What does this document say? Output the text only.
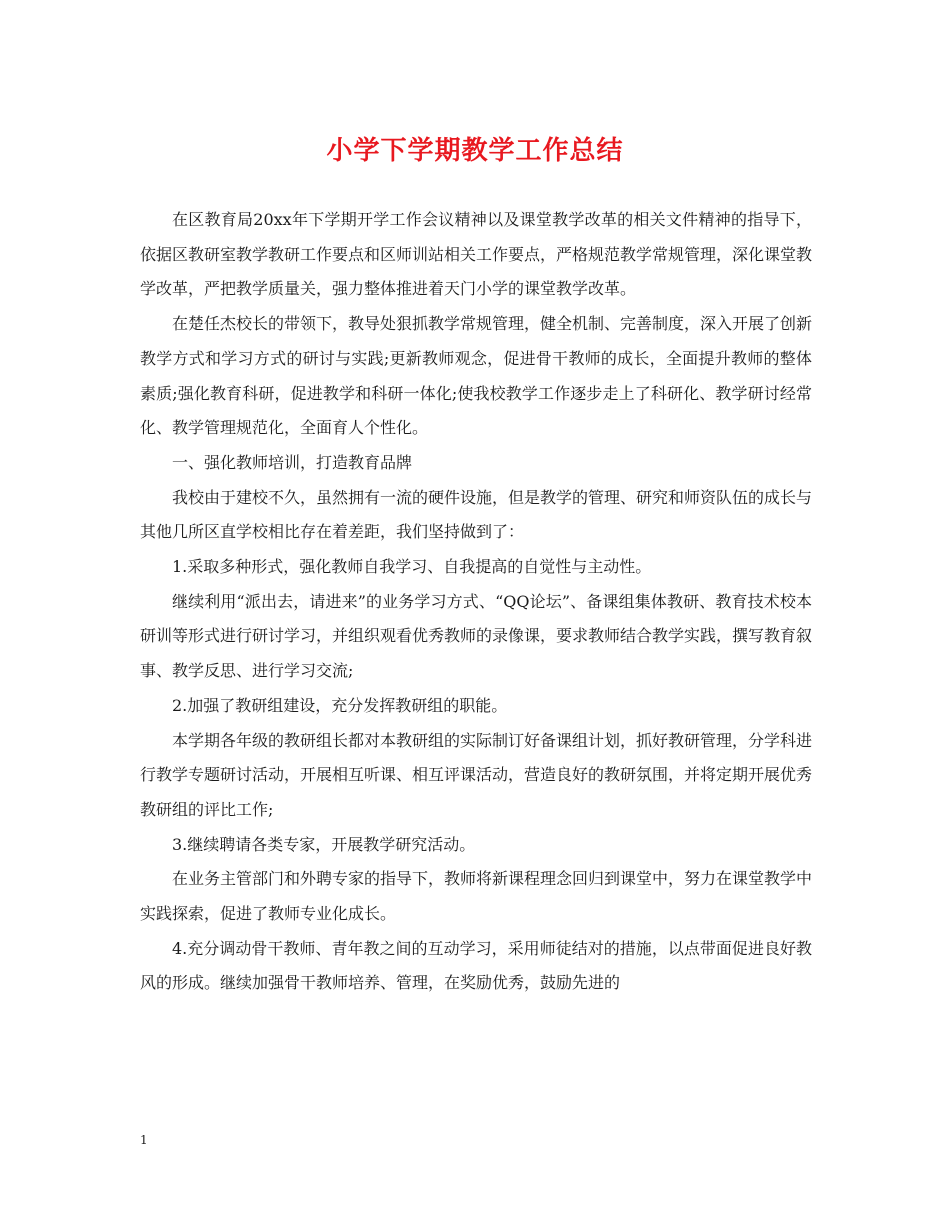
小学下学期教学工作总结

在区教育局20xx年下学期开学工作会议精神以及课堂教学改革的相关文件精神的指导下，依据区教研室教学教研工作要点和区师训站相关工作要点，严格规范教学常规管理，深化课堂教学改革，严把教学质量关，强力整体推进着天门小学的课堂教学改革。

在楚任杰校长的带领下，教导处狠抓教学常规管理，健全机制、完善制度，深入开展了创新教学方式和学习方式的研讨与实践;更新教师观念，促进骨干教师的成长，全面提升教师的整体素质;强化教育科研，促进教学和科研一体化;使我校教学工作逐步走上了科研化、教学研讨经常化、教学管理规范化，全面育人个性化。

一、强化教师培训，打造教育品牌

我校由于建校不久，虽然拥有一流的硬件设施，但是教学的管理、研究和师资队伍的成长与其他几所区直学校相比存在着差距，我们坚持做到了：

1.采取多种形式，强化教师自我学习、自我提高的自觉性与主动性。

继续利用“派出去，请进来”的业务学习方式、“QQ论坛”、备课组集体教研、教育技术校本研训等形式进行研讨学习，并组织观看优秀教师的录像课，要求教师结合教学实践，撰写教育叙事、教学反思、进行学习交流;

2.加强了教研组建设，充分发挥教研组的职能。

本学期各年级的教研组长都对本教研组的实际制订好备课组计划，抓好教研管理，分学科进行教学专题研讨活动，开展相互听课、相互评课活动，营造良好的教研氛围，并将定期开展优秀教研组的评比工作;

3.继续聘请各类专家，开展教学研究活动。

在业务主管部门和外聘专家的指导下，教师将新课程理念回归到课堂中，努力在课堂教学中实践探索，促进了教师专业化成长。

4.充分调动骨干教师、青年教之间的互动学习，采用师徒结对的措施，以点带面促进良好教风的形成。继续加强骨干教师培养、管理，在奖励优秀，鼓励先进的

1
